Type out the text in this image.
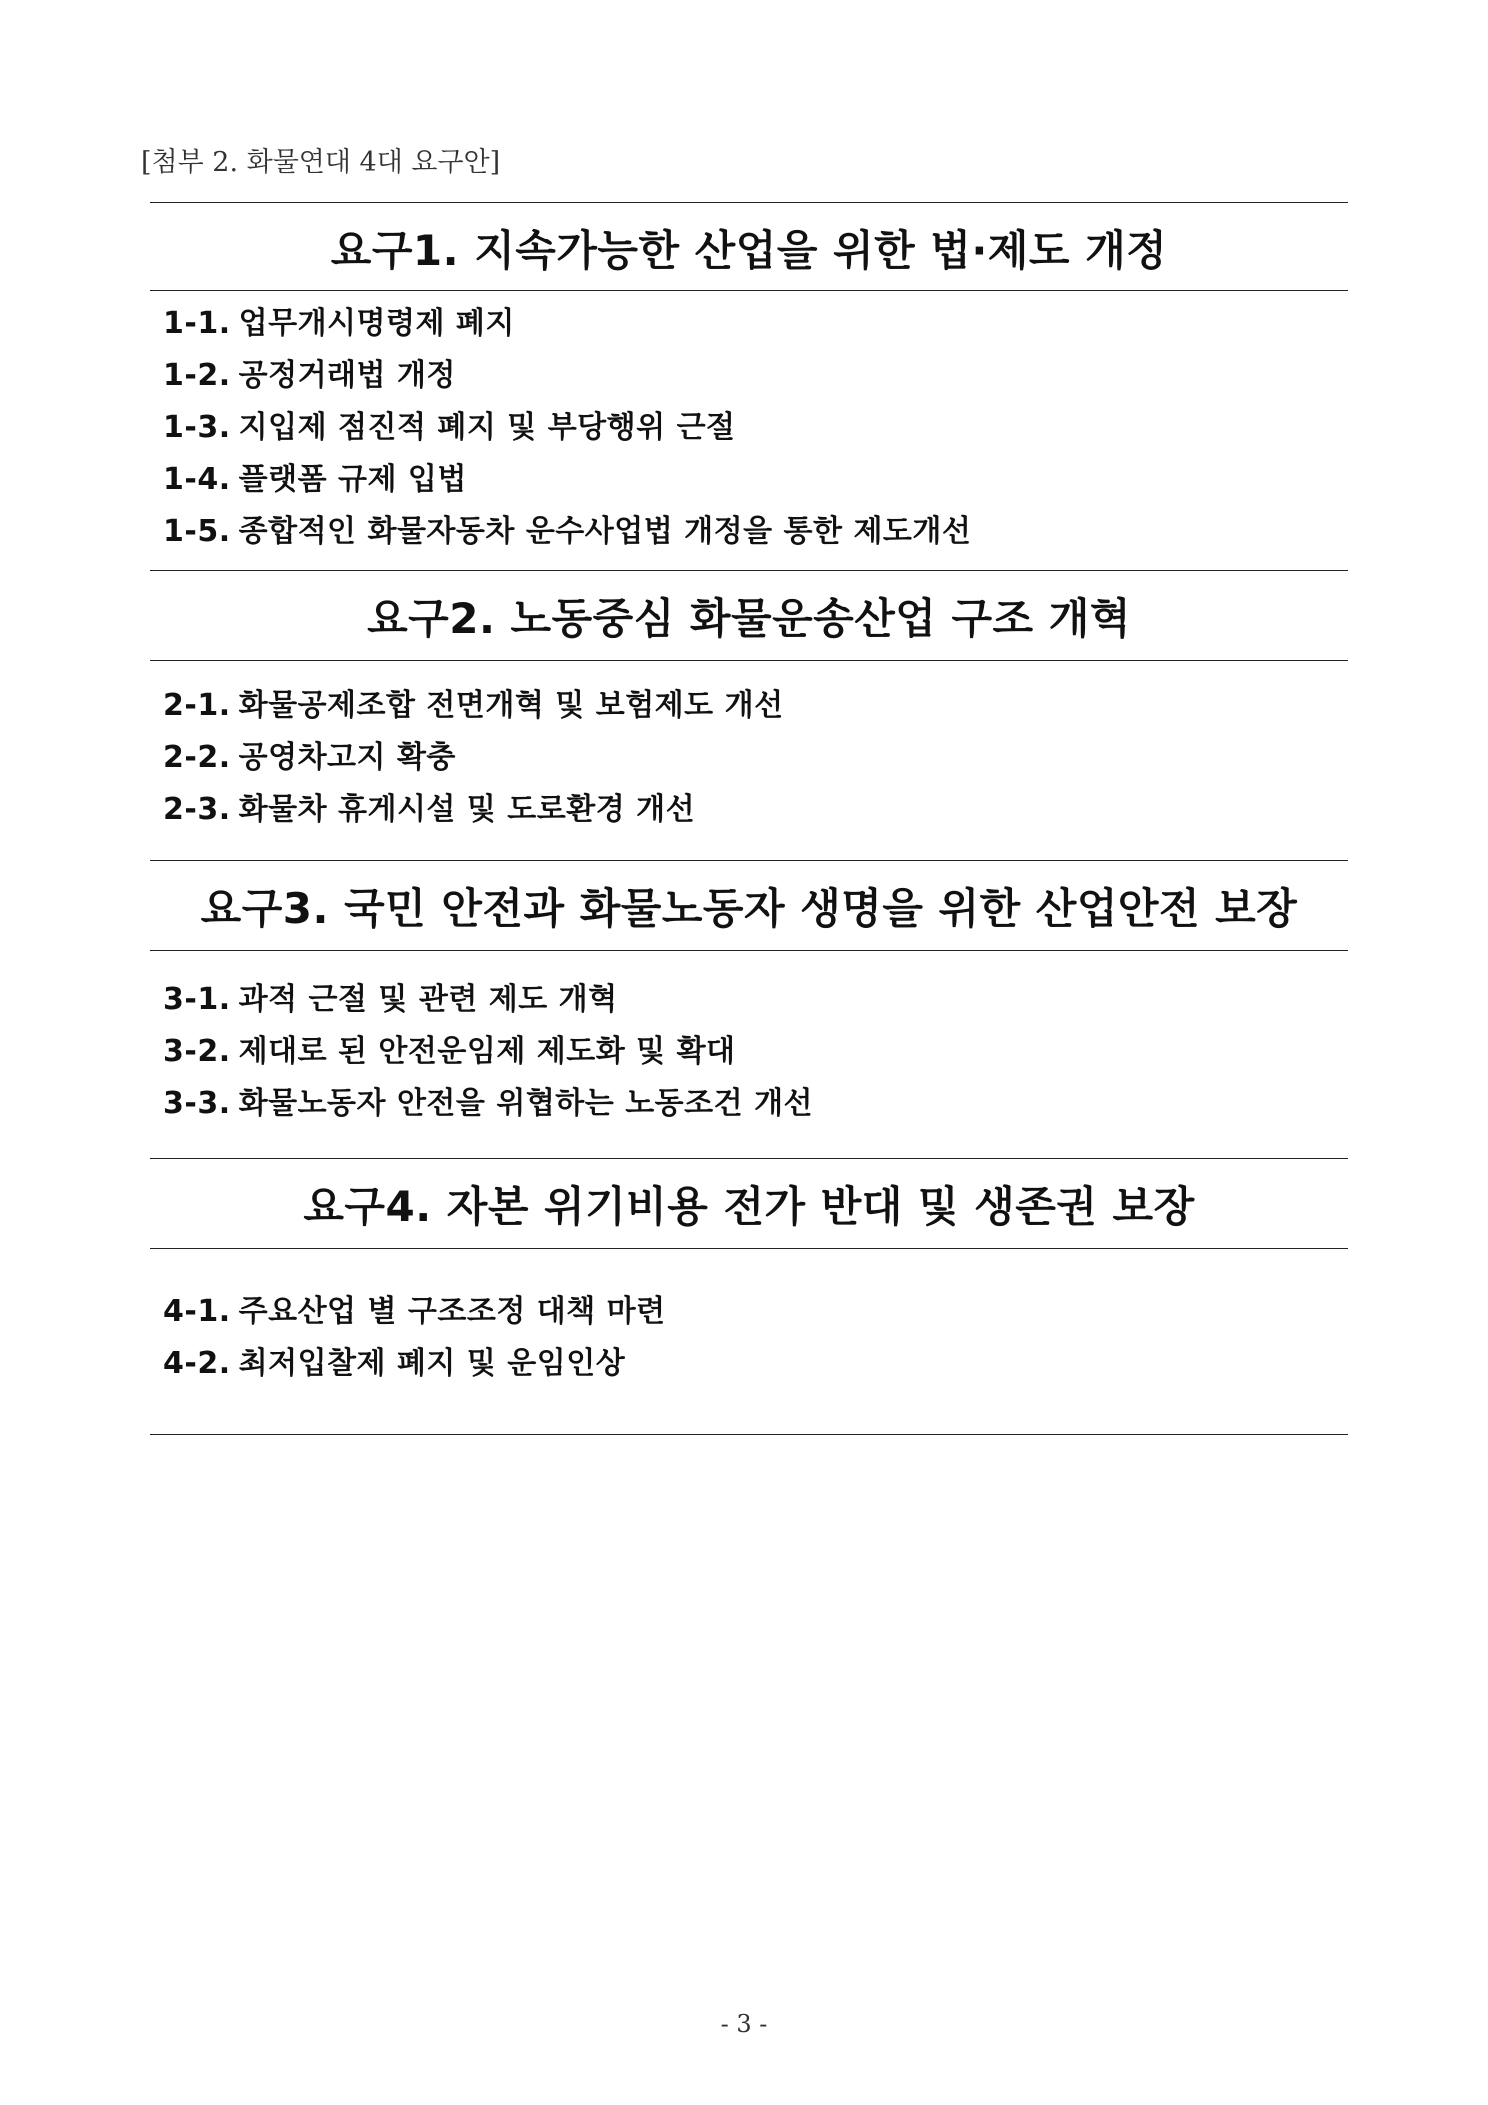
[첨부 2. 화물연대 4대 요구안]
요구1. 지속가능한 산업을 위한 법·제도 개정
1-1. 업무개시명령제 폐지
1-2. 공정거래법 개정
1-3. 지입제 점진적 폐지 및 부당행위 근절
1-4. 플랫폼 규제 입법
1-5. 종합적인 화물자동차 운수사업법 개정을 통한 제도개선
요구2. 노동중심 화물운송산업 구조 개혁
2-1. 화물공제조합 전면개혁 및 보험제도 개선
2-2. 공영차고지 확충
2-3. 화물차 휴게시설 및 도로환경 개선
요구3. 국민 안전과 화물노동자 생명을 위한 산업안전 보장
3-1. 과적 근절 및 관련 제도 개혁
3-2. 제대로 된 안전운임제 제도화 및 확대
3-3. 화물노동자 안전을 위협하는 노동조건 개선
요구4. 자본 위기비용 전가 반대 및 생존권 보장
4-1. 주요산업 별 구조조정 대책 마련
4-2. 최저입찰제 폐지 및 운임인상
- 3 -
